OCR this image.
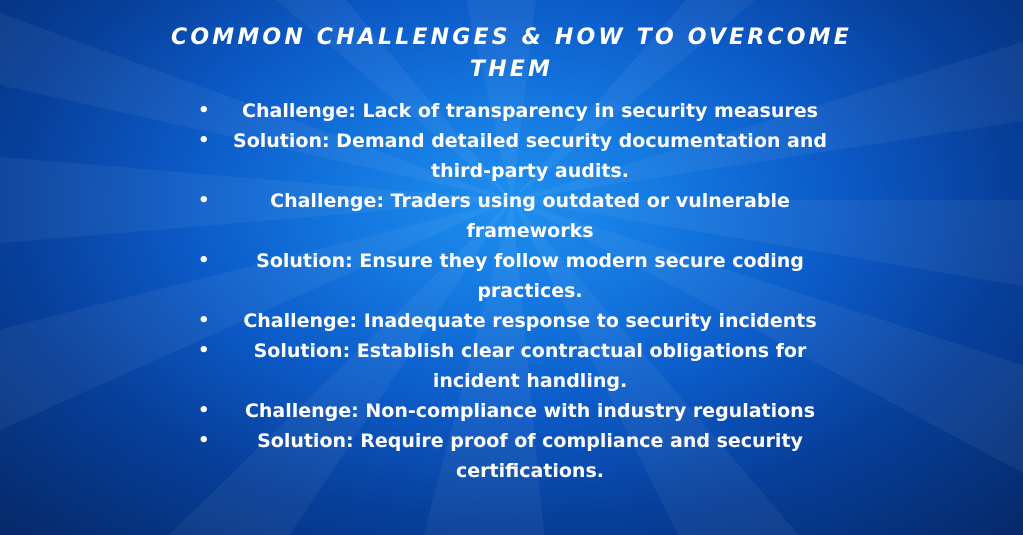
COMMON CHALLENGES & HOW TO OVERCOME
THEM
• Challenge: Lack of transparency in security measures
• Solution: Demand detailed security documentation and third-party audits.
•	Challenge: Traders using outdated or vulnerable frameworks
• Solution: Ensure they follow modern secure coding practices.
• Challenge: Inadequate response to security incidents
• Solution: Establish clear contractual obligations for incident handling.
• Challenge: Non-compliance with industry regulations
•	Solution: Require proof of compliance and security certifications.
